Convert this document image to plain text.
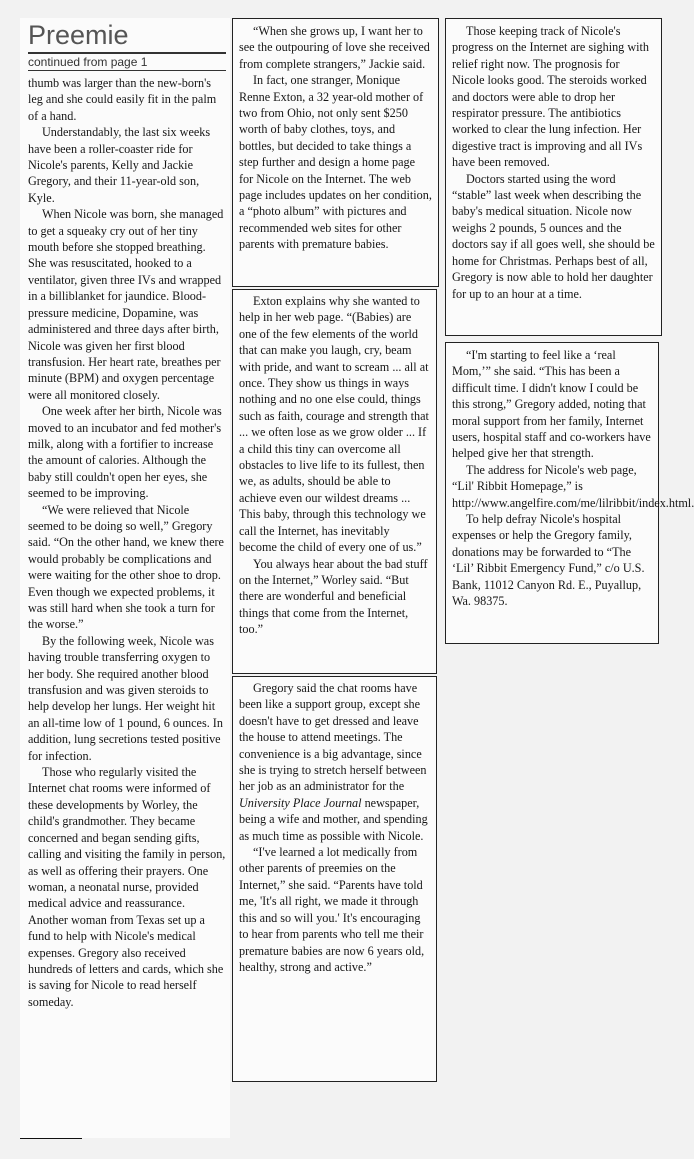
Preemie

continued from page 1

thumb was larger than the new-born's leg and she could easily fit in the palm of a hand.

Understandably, the last six weeks have been a roller-coaster ride for Nicole's parents, Kelly and Jackie Gregory, and their 11-year-old son, Kyle.

When Nicole was born, she managed to get a squeaky cry out of her tiny mouth before she stopped breathing. She was resuscitated, hooked to a ventilator, given three IVs and wrapped in a billiblanket for jaundice. Blood-pressure medicine, Dopamine, was administered and three days after birth, Nicole was given her first blood transfusion. Her heart rate, breathes per minute (BPM) and oxygen percentage were all monitored closely.

One week after her birth, Nicole was moved to an incubator and fed mother's milk, along with a fortifier to increase the amount of calories. Although the baby still couldn't open her eyes, she seemed to be improving.

“We were relieved that Nicole seemed to be doing so well,” Gregory said. “On the other hand, we knew there would probably be complications and were waiting for the other shoe to drop. Even though we expected problems, it was still hard when she took a turn for the worse.”

By the following week, Nicole was having trouble transferring oxygen to her body. She required another blood transfusion and was given steroids to help develop her lungs. Her weight hit an all-time low of 1 pound, 6 ounces. In addition, lung secretions tested positive for infection.

Those who regularly visited the Internet chat rooms were informed of these developments by Worley, the child's grandmother. They became concerned and began sending gifts, calling and visiting the family in person, as well as offering their prayers. One woman, a neonatal nurse, provided medical advice and reassurance. Another woman from Texas set up a fund to help with Nicole's medical expenses. Gregory also received hundreds of letters and cards, which she is saving for Nicole to read herself someday.

“When she grows up, I want her to see the outpouring of love she received from complete strangers,” Jackie said.

In fact, one stranger, Monique Renne Exton, a 32 year-old mother of two from Ohio, not only sent $250 worth of baby clothes, toys, and bottles, but decided to take things a step further and design a home page for Nicole on the Internet. The web page includes updates on her condition, a “photo album” with pictures and recommended web sites for other parents with premature babies.

Exton explains why she wanted to help in her web page. “(Babies) are one of the few elements of the world that can make you laugh, cry, beam with pride, and want to scream ... all at once. They show us things in ways nothing and no one else could, things such as faith, courage and strength that ... we often lose as we grow older ... If a child this tiny can overcome all obstacles to live life to its fullest, then we, as adults, should be able to achieve even our wildest dreams ... This baby, through this technology we call the Internet, has inevitably become the child of every one of us.”

You always hear about the bad stuff on the Internet,” Worley said. “But there are wonderful and beneficial things that come from the Internet, too.”

Gregory said the chat rooms have been like a support group, except she doesn't have to get dressed and leave the house to attend meetings. The convenience is a big advantage, since she is trying to stretch herself between her job as an administrator for the University Place Journal newspaper, being a wife and mother, and spending as much time as possible with Nicole.

“I've learned a lot medically from other parents of preemies on the Internet,” she said. “Parents have told me, 'It's all right, we made it through this and so will you.' It's encouraging to hear from parents who tell me their premature babies are now 6 years old, healthy, strong and active.”

Those keeping track of Nicole's progress on the Internet are sighing with relief right now. The prognosis for Nicole looks good. The steroids worked and doctors were able to drop her respirator pressure. The antibiotics worked to clear the lung infection. Her digestive tract is improving and all IVs have been removed.

Doctors started using the word “stable” last week when describing the baby's medical situation. Nicole now weighs 2 pounds, 5 ounces and the doctors say if all goes well, she should be home for Christmas. Perhaps best of all, Gregory is now able to hold her daughter for up to an hour at a time.

“I'm starting to feel like a ‘real Mom,’” she said. “This has been a difficult time. I didn't know I could be this strong,” Gregory added, noting that moral support from her family, Internet users, hospital staff and co-workers have helped give her that strength.

The address for Nicole's web page, “Lil' Ribbit Homepage,” is http://www.angelfire.com/me/lilribbit/index.html.

To help defray Nicole's hospital expenses or help the Gregory family, donations may be forwarded to “The ‘Lil’ Ribbit Emergency Fund,” c/o U.S. Bank, 11012 Canyon Rd. E., Puyallup, Wa. 98375.
